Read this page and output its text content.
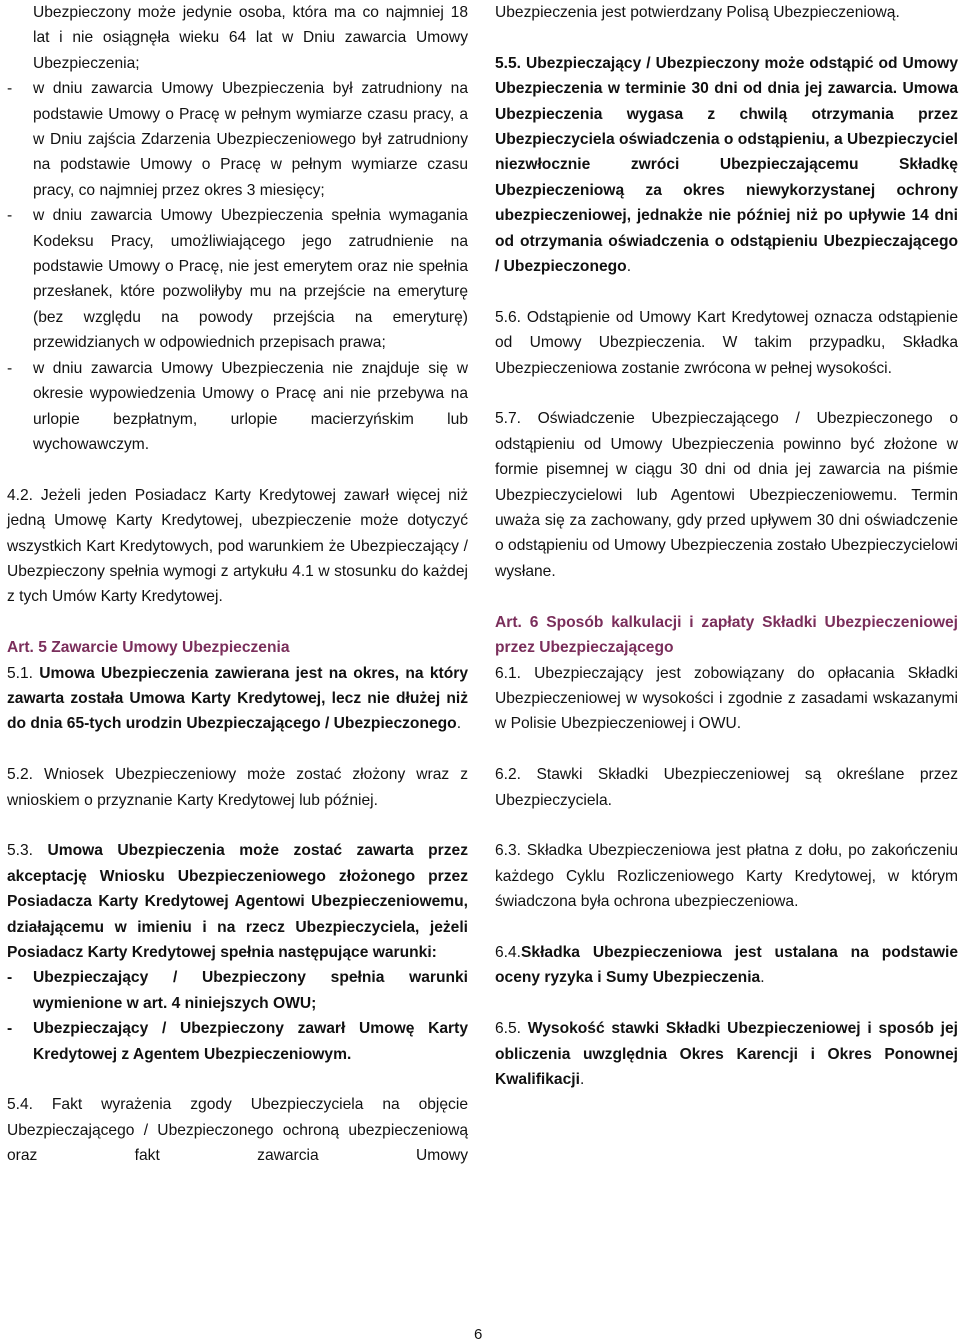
Ubezpieczony może jedynie osoba, która ma co najmniej 18 lat i nie osiągnęła wieku 64 lat w Dniu zawarcia Umowy Ubezpieczenia;

-	w dniu zawarcia Umowy Ubezpieczenia był zatrudniony na podstawie Umowy o Pracę w pełnym wymiarze czasu pracy, a w Dniu zajścia Zdarzenia Ubezpieczeniowego był zatrudniony na podstawie Umowy o Pracę w pełnym wymiarze czasu pracy, co najmniej przez okres 3 miesięcy;

-	w dniu zawarcia Umowy Ubezpieczenia spełnia wymagania Kodeksu Pracy, umożliwiającego jego zatrudnienie na podstawie Umowy o Pracę, nie jest emerytem oraz nie spełnia przesłanek, które pozwoliłyby mu na przejście na emeryturę (bez względu na powody przejścia na emeryturę) przewidzianych w odpowiednich przepisach prawa;

-	w dniu zawarcia Umowy Ubezpieczenia nie znajduje się w okresie wypowiedzenia Umowy o Pracę ani nie przebywa na urlopie bezpłatnym, urlopie macierzyńskim lub wychowawczym.

4.2. Jeżeli jeden Posiadacz Karty Kredytowej zawarł więcej niż jedną Umowę Karty Kredytowej, ubezpieczenie może dotyczyć wszystkich Kart Kredytowych, pod warunkiem że Ubezpieczający / Ubezpieczony spełnia wymogi z artykułu 4.1 w stosunku do każdej z tych Umów Karty Kredytowej.

Art. 5 Zawarcie Umowy Ubezpieczenia

5.1. Umowa Ubezpieczenia zawierana jest na okres, na który zawarta została Umowa Karty Kredytowej, lecz nie dłużej niż do dnia 65-tych urodzin Ubezpieczającego / Ubezpieczonego.

5.2. Wniosek Ubezpieczeniowy może zostać złożony wraz z wnioskiem o przyznanie Karty Kredytowej lub później.

5.3. Umowa Ubezpieczenia może zostać zawarta przez akceptację Wniosku Ubezpieczeniowego złożonego przez Posiadacza Karty Kredytowej Agentowi Ubezpieczeniowemu, działającemu w imieniu i na rzecz Ubezpieczyciela, jeżeli Posiadacz Karty Kredytowej spełnia następujące warunki:

-	Ubezpieczający / Ubezpieczony spełnia warunki wymienione w art. 4 niniejszych OWU;

-	Ubezpieczający / Ubezpieczony zawarł Umowę Karty Kredytowej z Agentem Ubezpieczeniowym.

5.4. Fakt wyrażenia zgody Ubezpieczyciela na objęcie Ubezpieczającego / Ubezpieczonego ochroną ubezpieczeniową oraz fakt zawarcia Umowy

Ubezpieczenia jest potwierdzany Polisą Ubezpieczeniową.

5.5. Ubezpieczający / Ubezpieczony może odstąpić od Umowy Ubezpieczenia w terminie 30 dni od dnia jej zawarcia. Umowa Ubezpieczenia wygasa z chwilą otrzymania przez Ubezpieczyciela oświadczenia o odstąpieniu, a Ubezpieczyciel niezwłocznie zwróci Ubezpieczającemu Składkę Ubezpieczeniową za okres niewykorzystanej ochrony ubezpieczeniowej, jednakże nie później niż po upływie 14 dni od otrzymania oświadczenia o odstąpieniu Ubezpieczającego / Ubezpieczonego.

5.6. Odstąpienie od Umowy Kart Kredytowej oznacza odstąpienie od Umowy Ubezpieczenia. W takim przypadku, Składka Ubezpieczeniowa zostanie zwrócona w pełnej wysokości.

5.7. Oświadczenie Ubezpieczającego / Ubezpieczonego o odstąpieniu od Umowy Ubezpieczenia powinno być złożone w formie pisemnej w ciągu 30 dni od dnia jej zawarcia na piśmie Ubezpieczycielowi lub Agentowi Ubezpieczeniowemu. Termin uważa się za zachowany, gdy przed upływem 30 dni oświadczenie o odstąpieniu od Umowy Ubezpieczenia zostało Ubezpieczycielowi wysłane.

Art. 6 Sposób kalkulacji i zapłaty Składki Ubezpieczeniowej przez Ubezpieczającego

6.1. Ubezpieczający jest zobowiązany do opłacania Składki Ubezpieczeniowej w wysokości i zgodnie z zasadami wskazanymi w Polisie Ubezpieczeniowej i OWU.

6.2. Stawki Składki Ubezpieczeniowej są określane przez Ubezpieczyciela.

6.3. Składka Ubezpieczeniowa jest płatna z dołu, po zakończeniu każdego Cyklu Rozliczeniowego Karty Kredytowej, w którym świadczona była ochrona ubezpieczeniowa.

6.4.Składka Ubezpieczeniowa jest ustalana na podstawie oceny ryzyka i Sumy Ubezpieczenia.

6.5. Wysokość stawki Składki Ubezpieczeniowej i sposób jej obliczenia uwzględnia Okres Karencji i Okres Ponownej Kwalifikacji.

6
